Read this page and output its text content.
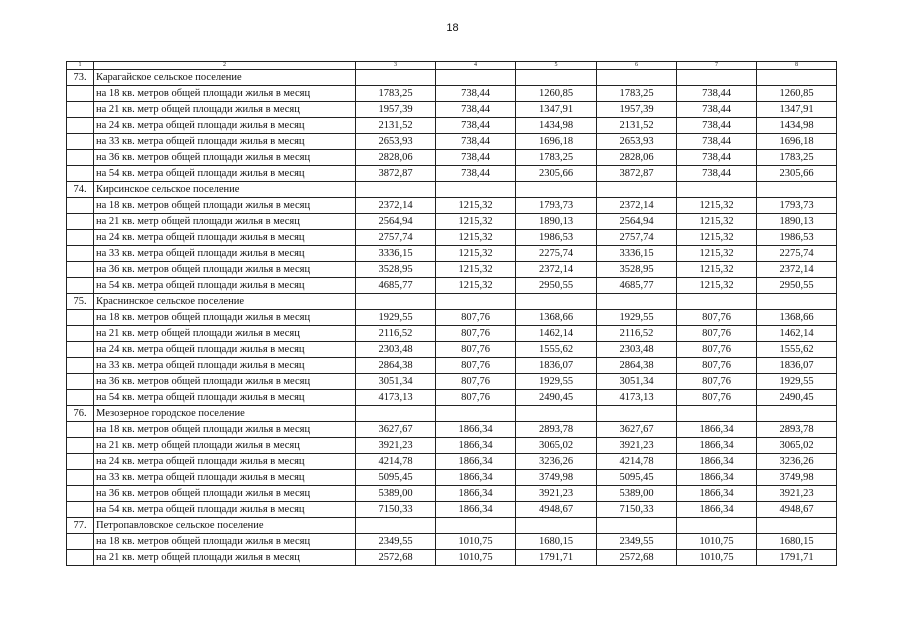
18
1	2	3	4	5	6	7	8
73.	Карагайское сельское поселение						
	на 18 кв. метров общей площади жилья в месяц	1783,25	738,44	1260,85	1783,25	738,44	1260,85
	на 21 кв. метр общей площади жилья в месяц	1957,39	738,44	1347,91	1957,39	738,44	1347,91
	на 24 кв. метра общей площади жилья в месяц	2131,52	738,44	1434,98	2131,52	738,44	1434,98
	на 33 кв. метра общей площади жилья в месяц	2653,93	738,44	1696,18	2653,93	738,44	1696,18
	на 36 кв. метров общей площади жилья в месяц	2828,06	738,44	1783,25	2828,06	738,44	1783,25
	на 54 кв. метра общей площади жилья в месяц	3872,87	738,44	2305,66	3872,87	738,44	2305,66
74.	Кирсинское сельское поселение						
	на 18 кв. метров общей площади жилья в месяц	2372,14	1215,32	1793,73	2372,14	1215,32	1793,73
	на 21 кв. метр общей площади жилья в месяц	2564,94	1215,32	1890,13	2564,94	1215,32	1890,13
	на 24 кв. метра общей площади жилья в месяц	2757,74	1215,32	1986,53	2757,74	1215,32	1986,53
	на 33 кв. метра общей площади жилья в месяц	3336,15	1215,32	2275,74	3336,15	1215,32	2275,74
	на 36 кв. метров общей площади жилья в месяц	3528,95	1215,32	2372,14	3528,95	1215,32	2372,14
	на 54 кв. метра общей площади жилья в месяц	4685,77	1215,32	2950,55	4685,77	1215,32	2950,55
75.	Краснинское сельское поселение						
	на 18 кв. метров общей площади жилья в месяц	1929,55	807,76	1368,66	1929,55	807,76	1368,66
	на 21 кв. метр общей площади жилья в месяц	2116,52	807,76	1462,14	2116,52	807,76	1462,14
	на 24 кв. метра общей площади жилья в месяц	2303,48	807,76	1555,62	2303,48	807,76	1555,62
	на 33 кв. метра общей площади жилья в месяц	2864,38	807,76	1836,07	2864,38	807,76	1836,07
	на 36 кв. метров общей площади жилья в месяц	3051,34	807,76	1929,55	3051,34	807,76	1929,55
	на 54 кв. метра общей площади жилья в месяц	4173,13	807,76	2490,45	4173,13	807,76	2490,45
76.	Мезозерное городское поселение						
	на 18 кв. метров общей площади жилья в месяц	3627,67	1866,34	2893,78	3627,67	1866,34	2893,78
	на 21 кв. метр общей площади жилья в месяц	3921,23	1866,34	3065,02	3921,23	1866,34	3065,02
	на 24 кв. метра общей площади жилья в месяц	4214,78	1866,34	3236,26	4214,78	1866,34	3236,26
	на 33 кв. метра общей площади жилья в месяц	5095,45	1866,34	3749,98	5095,45	1866,34	3749,98
	на 36 кв. метров общей площади жилья в месяц	5389,00	1866,34	3921,23	5389,00	1866,34	3921,23
	на 54 кв. метра общей площади жилья в месяц	7150,33	1866,34	4948,67	7150,33	1866,34	4948,67
77.	Петропавловское сельское поселение						
	на 18 кв. метров общей площади жилья в месяц	2349,55	1010,75	1680,15	2349,55	1010,75	1680,15
	на 21 кв. метр общей площади жилья в месяц	2572,68	1010,75	1791,71	2572,68	1010,75	1791,71
